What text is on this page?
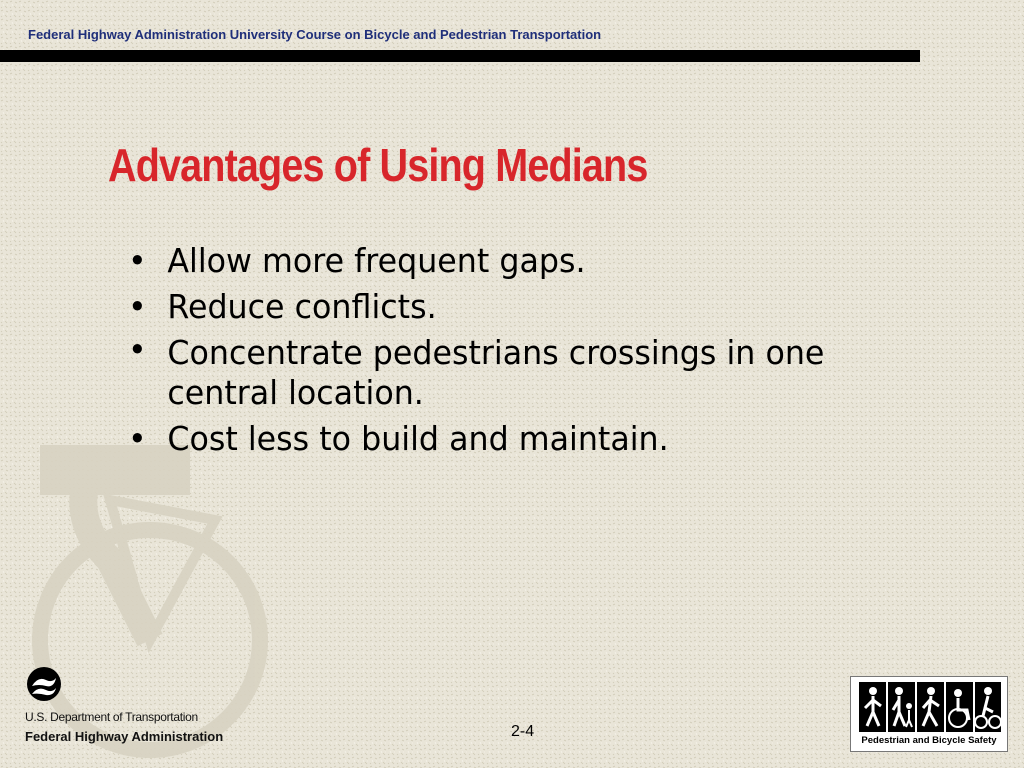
Federal Highway Administration University Course on Bicycle and Pedestrian Transportation
Advantages of Using Medians
• Allow more frequent gaps.
• Reduce conflicts.
• Concentrate pedestrians crossings in one central location.
• Cost less to build and maintain.
U.S. Department of Transportation
Federal Highway Administration	2-4
Pedestrian and Bicycle Safety
